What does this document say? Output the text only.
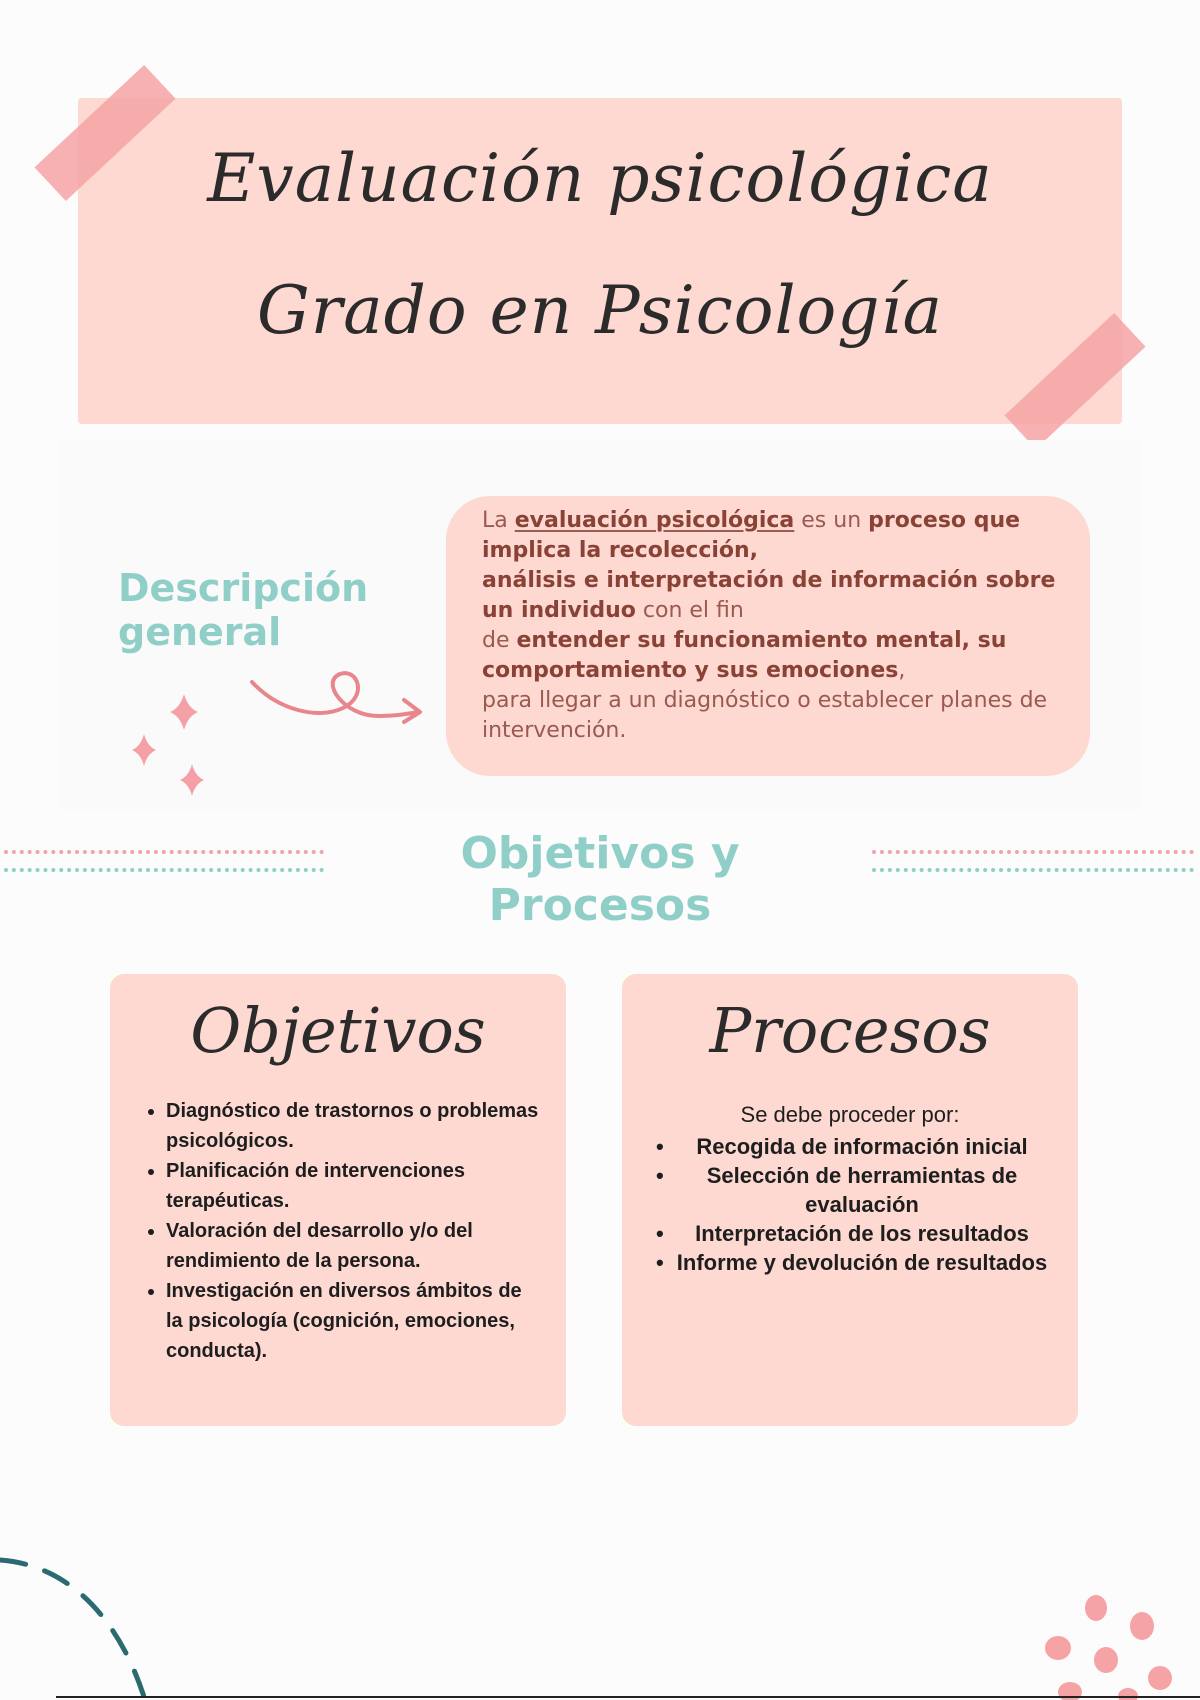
Evaluación psicológica
Grado en Psicología
Descripción
general
La evaluación psicológica es un proceso que implica la recolección,
análisis e interpretación de información sobre un individuo con el fin
de entender su funcionamiento mental, su comportamiento y sus emociones,
para llegar a un diagnóstico o establecer planes de intervención.
Objetivos y
Procesos
Objetivos
• Diagnóstico de trastornos o problemas psicológicos.
• Planificación de intervenciones terapéuticas.
• Valoración del desarrollo y/o del rendimiento de la persona.
• Investigación en diversos ámbitos de la psicología (cognición, emociones, conducta).
Procesos
Se debe proceder por:
• Recogida de información inicial
• Selección de herramientas de evaluación
• Interpretación de los resultados
• Informe y devolución de resultados
